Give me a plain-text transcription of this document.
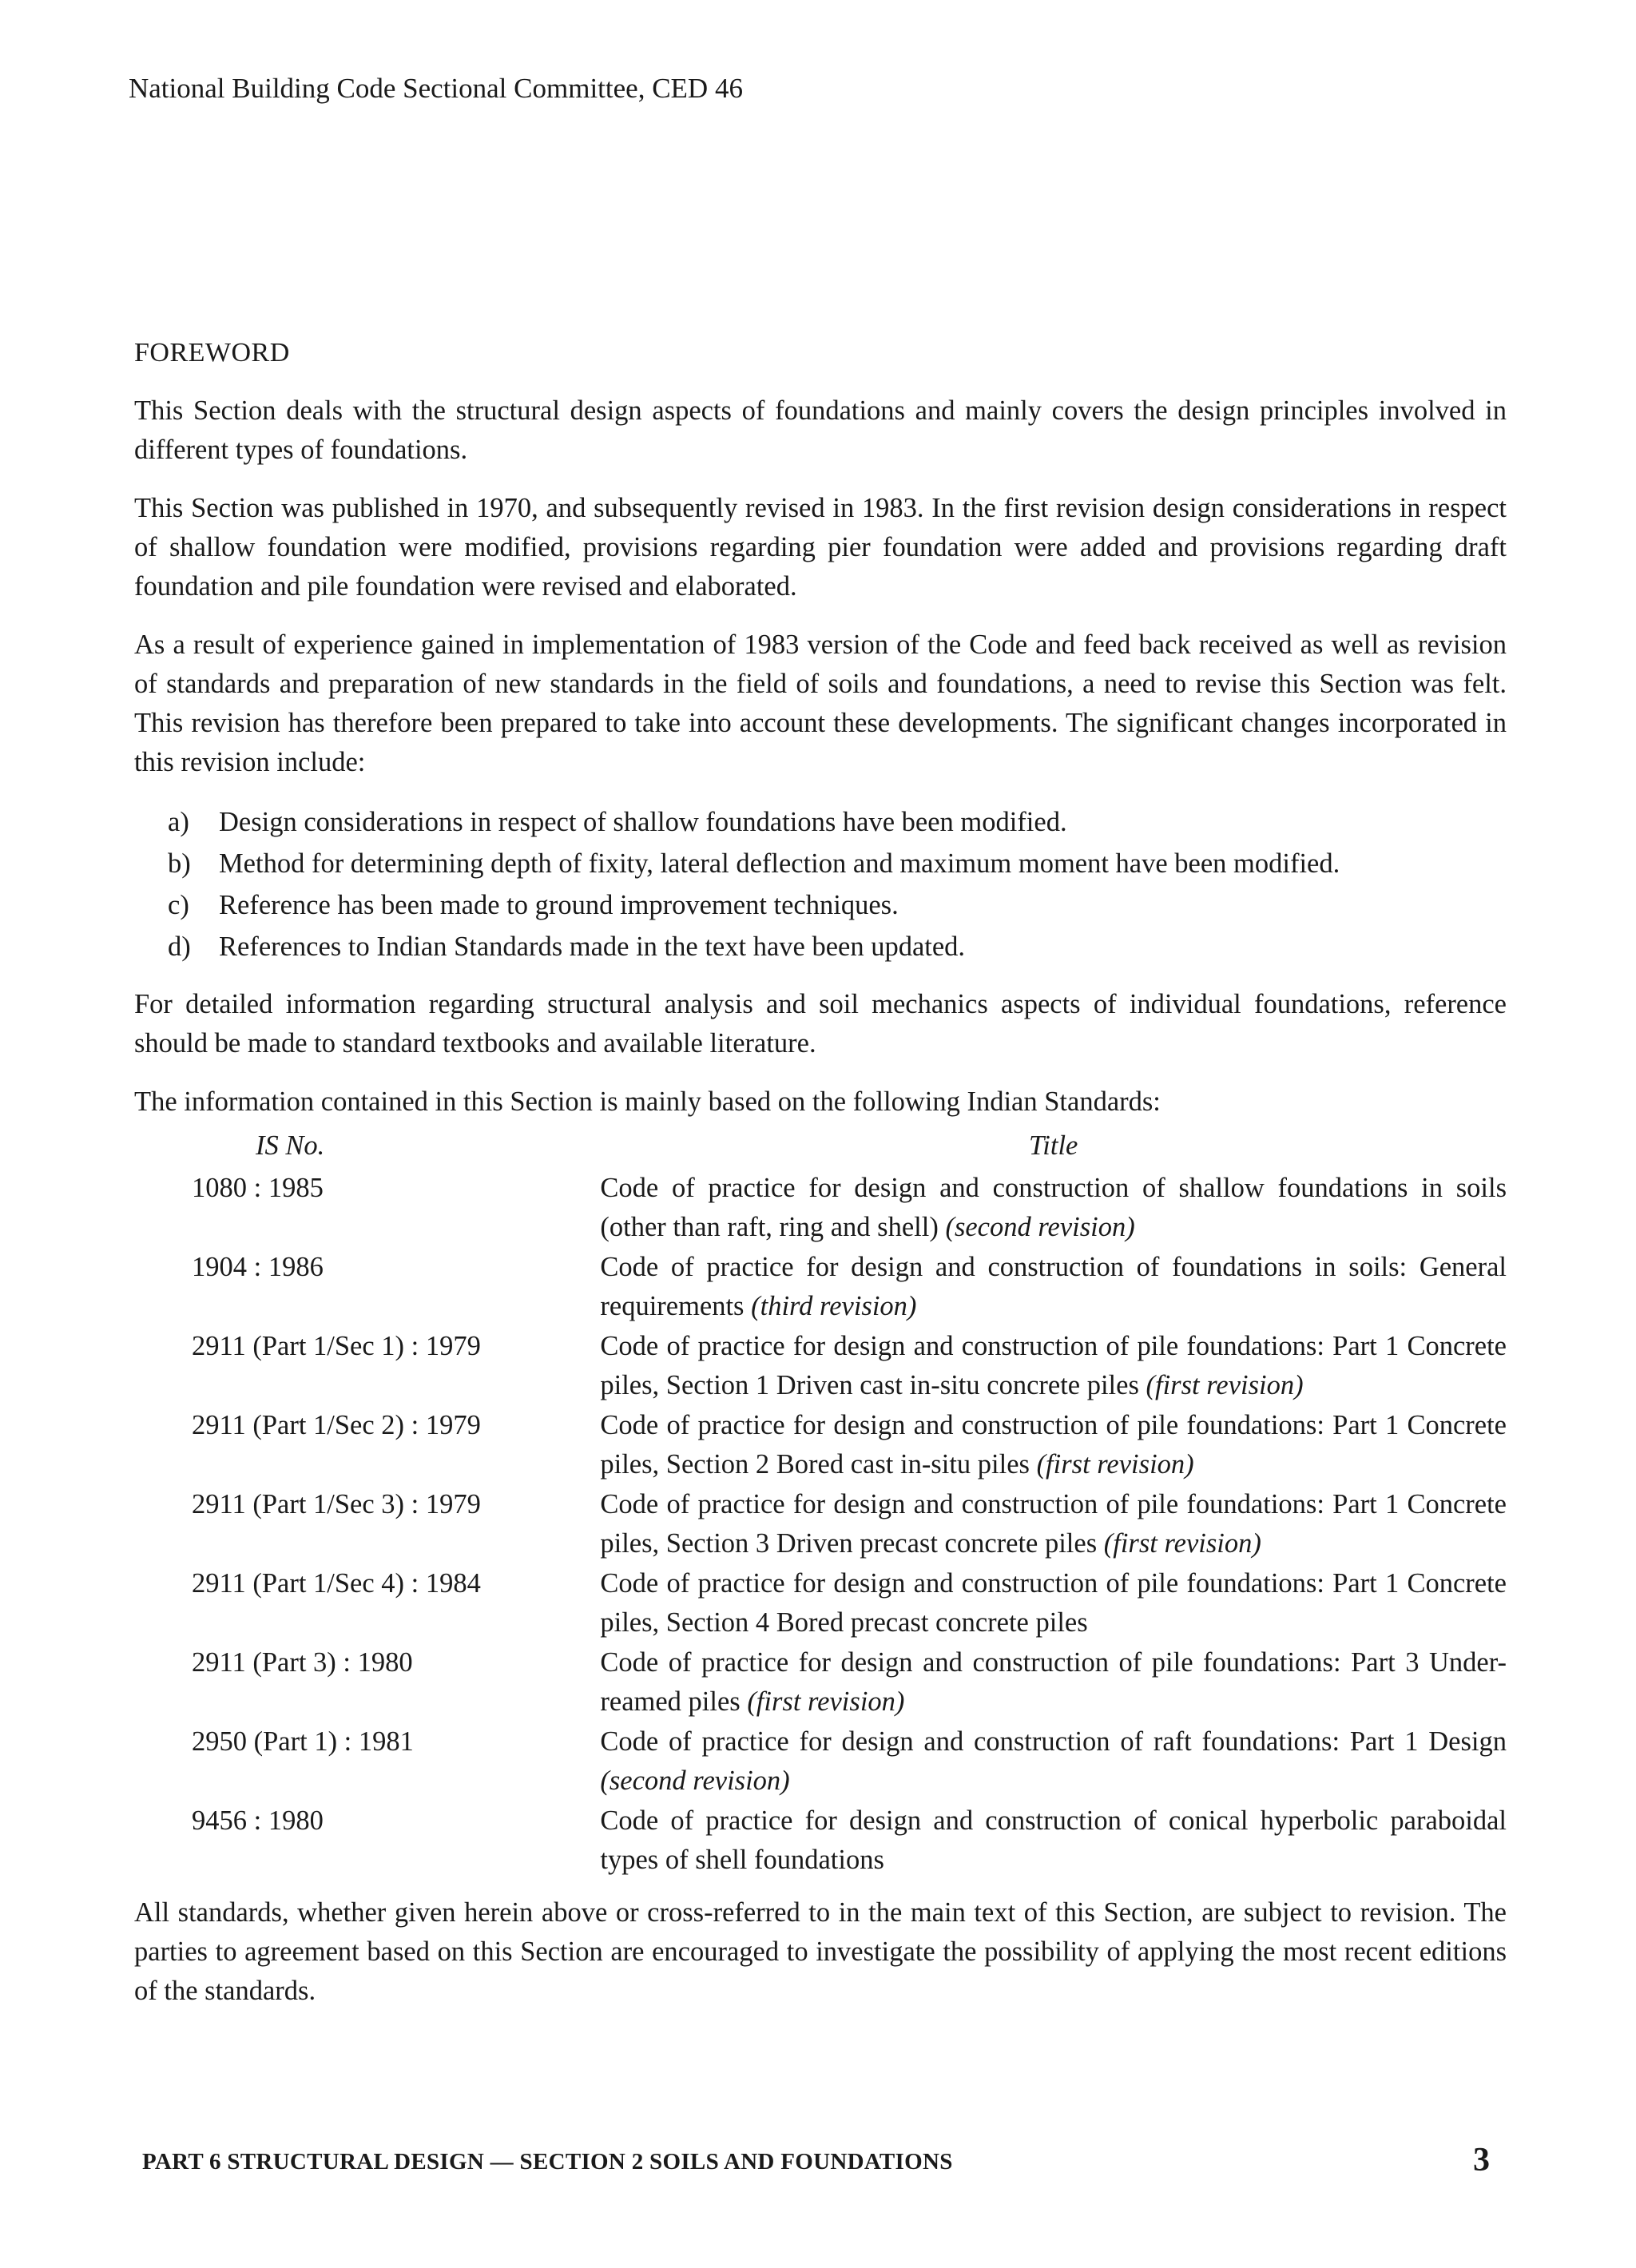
National Building Code Sectional Committee, CED 46
FOREWORD

This Section deals with the structural design aspects of foundations and mainly covers the design principles involved in different types of foundations.

This Section was published in 1970, and subsequently revised in 1983. In the first revision design considerations in respect of shallow foundation were modified, provisions regarding pier foundation were added and provisions regarding draft foundation and pile foundation were revised and elaborated.

As a result of experience gained in implementation of 1983 version of the Code and feed back received as well as revision of standards and preparation of new standards in the field of soils and foundations, a need to revise this Section was felt. This revision has therefore been prepared to take into account these developments. The significant changes incorporated in this revision include:

a)	Design considerations in respect of shallow foundations have been modified.
b)	Method for determining depth of fixity, lateral deflection and maximum moment have been modified.
c)	Reference has been made to ground improvement techniques.
d)	References to Indian Standards made in the text have been updated.

For detailed information regarding structural analysis and soil mechanics aspects of individual foundations, reference should be made to standard textbooks and available literature.

The information contained in this Section is mainly based on the following Indian Standards:

IS No.	Title
1080 : 1985	Code of practice for design and construction of shallow foundations in soils (other than raft, ring and shell) (second revision)
1904 : 1986	Code of practice for design and construction of foundations in soils: General requirements (third revision)
2911 (Part 1/Sec 1) : 1979	Code of practice for design and construction of pile foundations: Part 1 Concrete piles, Section 1 Driven cast in-situ concrete piles (first revision)
2911 (Part 1/Sec 2) : 1979	Code of practice for design and construction of pile foundations: Part 1 Concrete piles, Section 2 Bored cast in-situ piles (first revision)
2911 (Part 1/Sec 3) : 1979	Code of practice for design and construction of pile foundations: Part 1 Concrete piles, Section 3 Driven precast concrete piles (first revision)
2911 (Part 1/Sec 4) : 1984	Code of practice for design and construction of pile foundations: Part 1 Concrete piles, Section 4 Bored precast concrete piles
2911 (Part 3) : 1980	Code of practice for design and construction of pile foundations: Part 3 Under-reamed piles (first revision)
2950 (Part 1) : 1981	Code of practice for design and construction of raft foundations: Part 1 Design (second revision)
9456 : 1980	Code of practice for design and construction of conical hyperbolic paraboidal types of shell foundations

All standards, whether given herein above or cross-referred to in the main text of this Section, are subject to revision. The parties to agreement based on this Section are encouraged to investigate the possibility of applying the most recent editions of the standards.

PART 6 STRUCTURAL DESIGN — SECTION 2 SOILS AND FOUNDATIONS	3
